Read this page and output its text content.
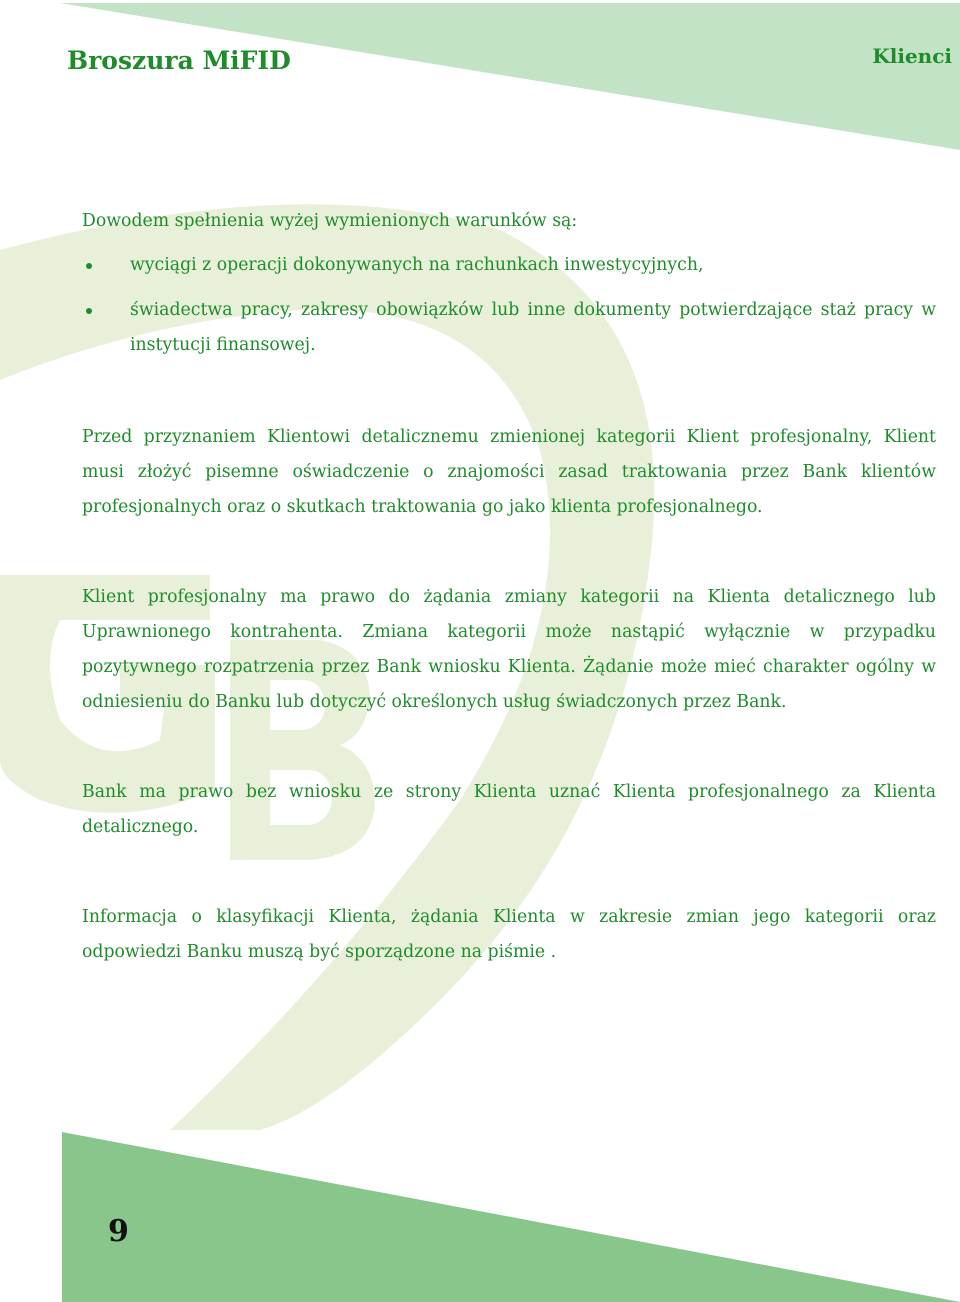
Broszura MiFID	Klienci

Dowodem spełnienia wyżej wymienionych warunków są:

wyciągi z operacji dokonywanych na rachunkach inwestycyjnych,
świadectwa pracy, zakresy obowiązków lub inne dokumenty potwierdzające staż pracy w instytucji finansowej.

Przed przyznaniem Klientowi detalicznemu zmienionej kategorii Klient profesjonalny, Klient musi złożyć pisemne oświadczenie o znajomości zasad traktowania przez Bank klientów profesjonalnych oraz o skutkach traktowania go jako klienta profesjonalnego.

Klient profesjonalny ma prawo do żądania zmiany kategorii na Klienta detalicznego lub Uprawnionego kontrahenta. Zmiana kategorii może nastąpić wyłącznie w przypadku pozytywnego rozpatrzenia przez Bank wniosku Klienta. Żądanie może mieć charakter ogólny w odniesieniu do Banku lub dotyczyć określonych usług świadczonych przez Bank.

Bank ma prawo bez wniosku ze strony Klienta uznać Klienta profesjonalnego za Klienta detalicznego.

Informacja o klasyfikacji Klienta, żądania Klienta w zakresie zmian jego kategorii oraz odpowiedzi Banku muszą być sporządzone na piśmie .

9
